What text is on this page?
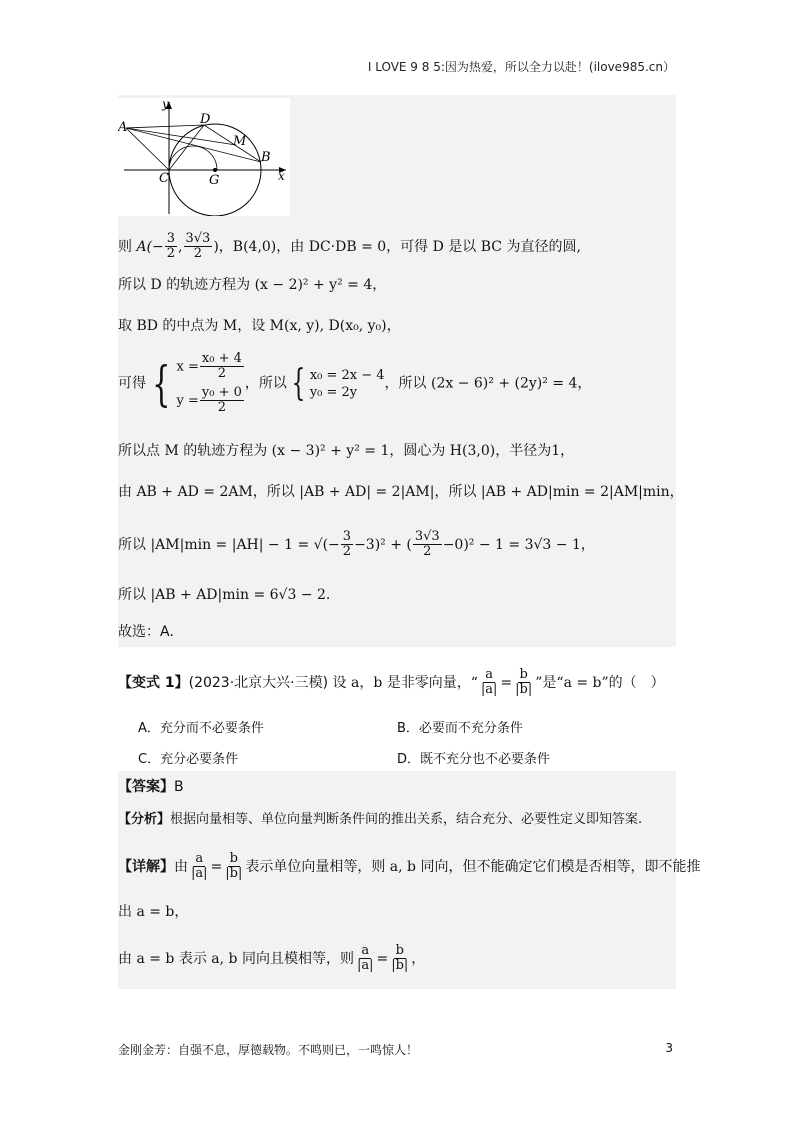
I LOVE 9 8 5:因为热爱，所以全力以赴！(ilove985.cn）
y
x
A
D
M
B
C	G
则 $A(- \frac{3}{2}$ , $\frac{3√3}{2}$ )，B(4,0)，由 DC·DB = 0，可得 D 是以 BC 为直径的圆,
所以 D 的轨迹方程为 (x − 2)² + y² = 4，
取 BD 的中点为 M，设 M(x, y), D(x₀, y₀)，
可得 { $x = \frac{\text{x₀ + 4}}{2}$
$y = \frac{\text{y₀ + 0}}{2}$
，所以 { x₀ = 2x − 4
y₀ = 2y
，所以 (2x − 6)² + (2y)² = 4，
所以点 M 的轨迹方程为 (x − 3)² + y² = 1，圆心为 H(3,0)，半径为1，
由 AB + AD = 2AM，所以 |AB + AD| = 2|AM|，所以 |AB + AD|min = 2|AM|min，
所以 |AM|min = |AH| − 1 = √(− $\frac{3}{2} -3)^2$ + ( $\frac{3√3}{2} -0)^2 - 1 = 3√3 - 1$，
所以 |AB + AD|min = 6√3 − 2.
故选：A.
【变式 1】(2023·北京大兴·三模) 设 a，b 是非零向量，“ $\frac{a}{|a|} = \frac{b}{|b|}$ ”是“a = b”的（　）
A．充分而不必要条件	B．必要而不充分条件
C．充分必要条件	D．既不充分也不必要条件
【答案】B
【分析】根据向量相等、单位向量判断条件间的推出关系，结合充分、必要性定义即知答案.
【详解】由 $\frac{a}{|a|} = \frac{b}{|b|}$ 表示单位向量相等，则 a, b 同向，但不能确定它们模是否相等，即不能推
出 a = b，
由 a = b 表示 a, b 同向且模相等，则 $\frac{a}{|a|} = \frac{b}{|b|}$ ，
金刚金芳：自强不息，厚德载物。不鸣则已，一鸣惊人！	3
